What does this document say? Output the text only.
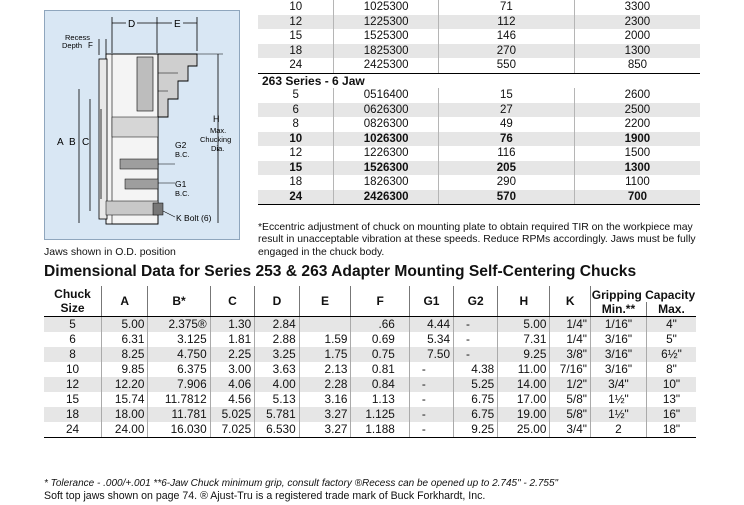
D	E
Recess
Depth F
A B C
H
Max.
Chucking
Dia.
G2
B.C.
G1
B.C.
K Bolt (6)
Jaws shown in O.D. position
10	1025300	71	3300
12	1225300	112	2300
15	1525300	146	2000
18	1825300	270	1300
24	2425300	550	850
263 Series - 6 Jaw			
5	0516400	15	2600
6	0626300	27	2500
8	0826300	49	2200
10	1026300	76	1900
12	1226300	116	1500
15	1526300	205	1300
18	1826300	290	1100
24	2426300	570	700
*Eccentric adjustment of chuck on mounting plate to obtain required TIR on the workpiece may result in unacceptable vibration at these speeds. Reduce RPMs accordingly. Jaws must be fully engaged in the chuck body.
Dimensional Data for Series 253 & 263 Adapter Mounting Self-Centering Chucks
Chuck
Size	A	B*	C	D	E	F	G1	G2	H	K	Gripping Capacity	
											Min.**	Max.
5	5.00	2.375®	1.30	2.84		.66	4.44	-	5.00	1/4"	1/16"	4"
6	6.31	3.125	1.81	2.88	1.59	0.69	5.34	-	7.31	1/4"	3/16"	5"
8	8.25	4.750	2.25	3.25	1.75	0.75	7.50	-	9.25	3/8"	3/16"	6½"
10	9.85	6.375	3.00	3.63	2.13	0.81	-	4.38	11.00	7/16"	3/16"	8"
12	12.20	7.906	4.06	4.00	2.28	0.84	-	5.25	14.00	1/2"	3/4"	10"
15	15.74	11.7812	4.56	5.13	3.16	1.13	-	6.75	17.00	5/8"	1½"	13"
18	18.00	11.781	5.025	5.781	3.27	1.125	-	6.75	19.00	5/8"	1½"	16"
24	24.00	16.030	7.025	6.530	3.27	1.188	-	9.25	25.00	3/4"	2	18"
* Tolerance - .000/+.001 **6-Jaw Chuck minimum grip, consult factory ®Recess can be opened up to 2.745" - 2.755"
Soft top jaws shown on page 74. ® Ajust-Tru is a registered trade mark of Buck Forkhardt, Inc.
